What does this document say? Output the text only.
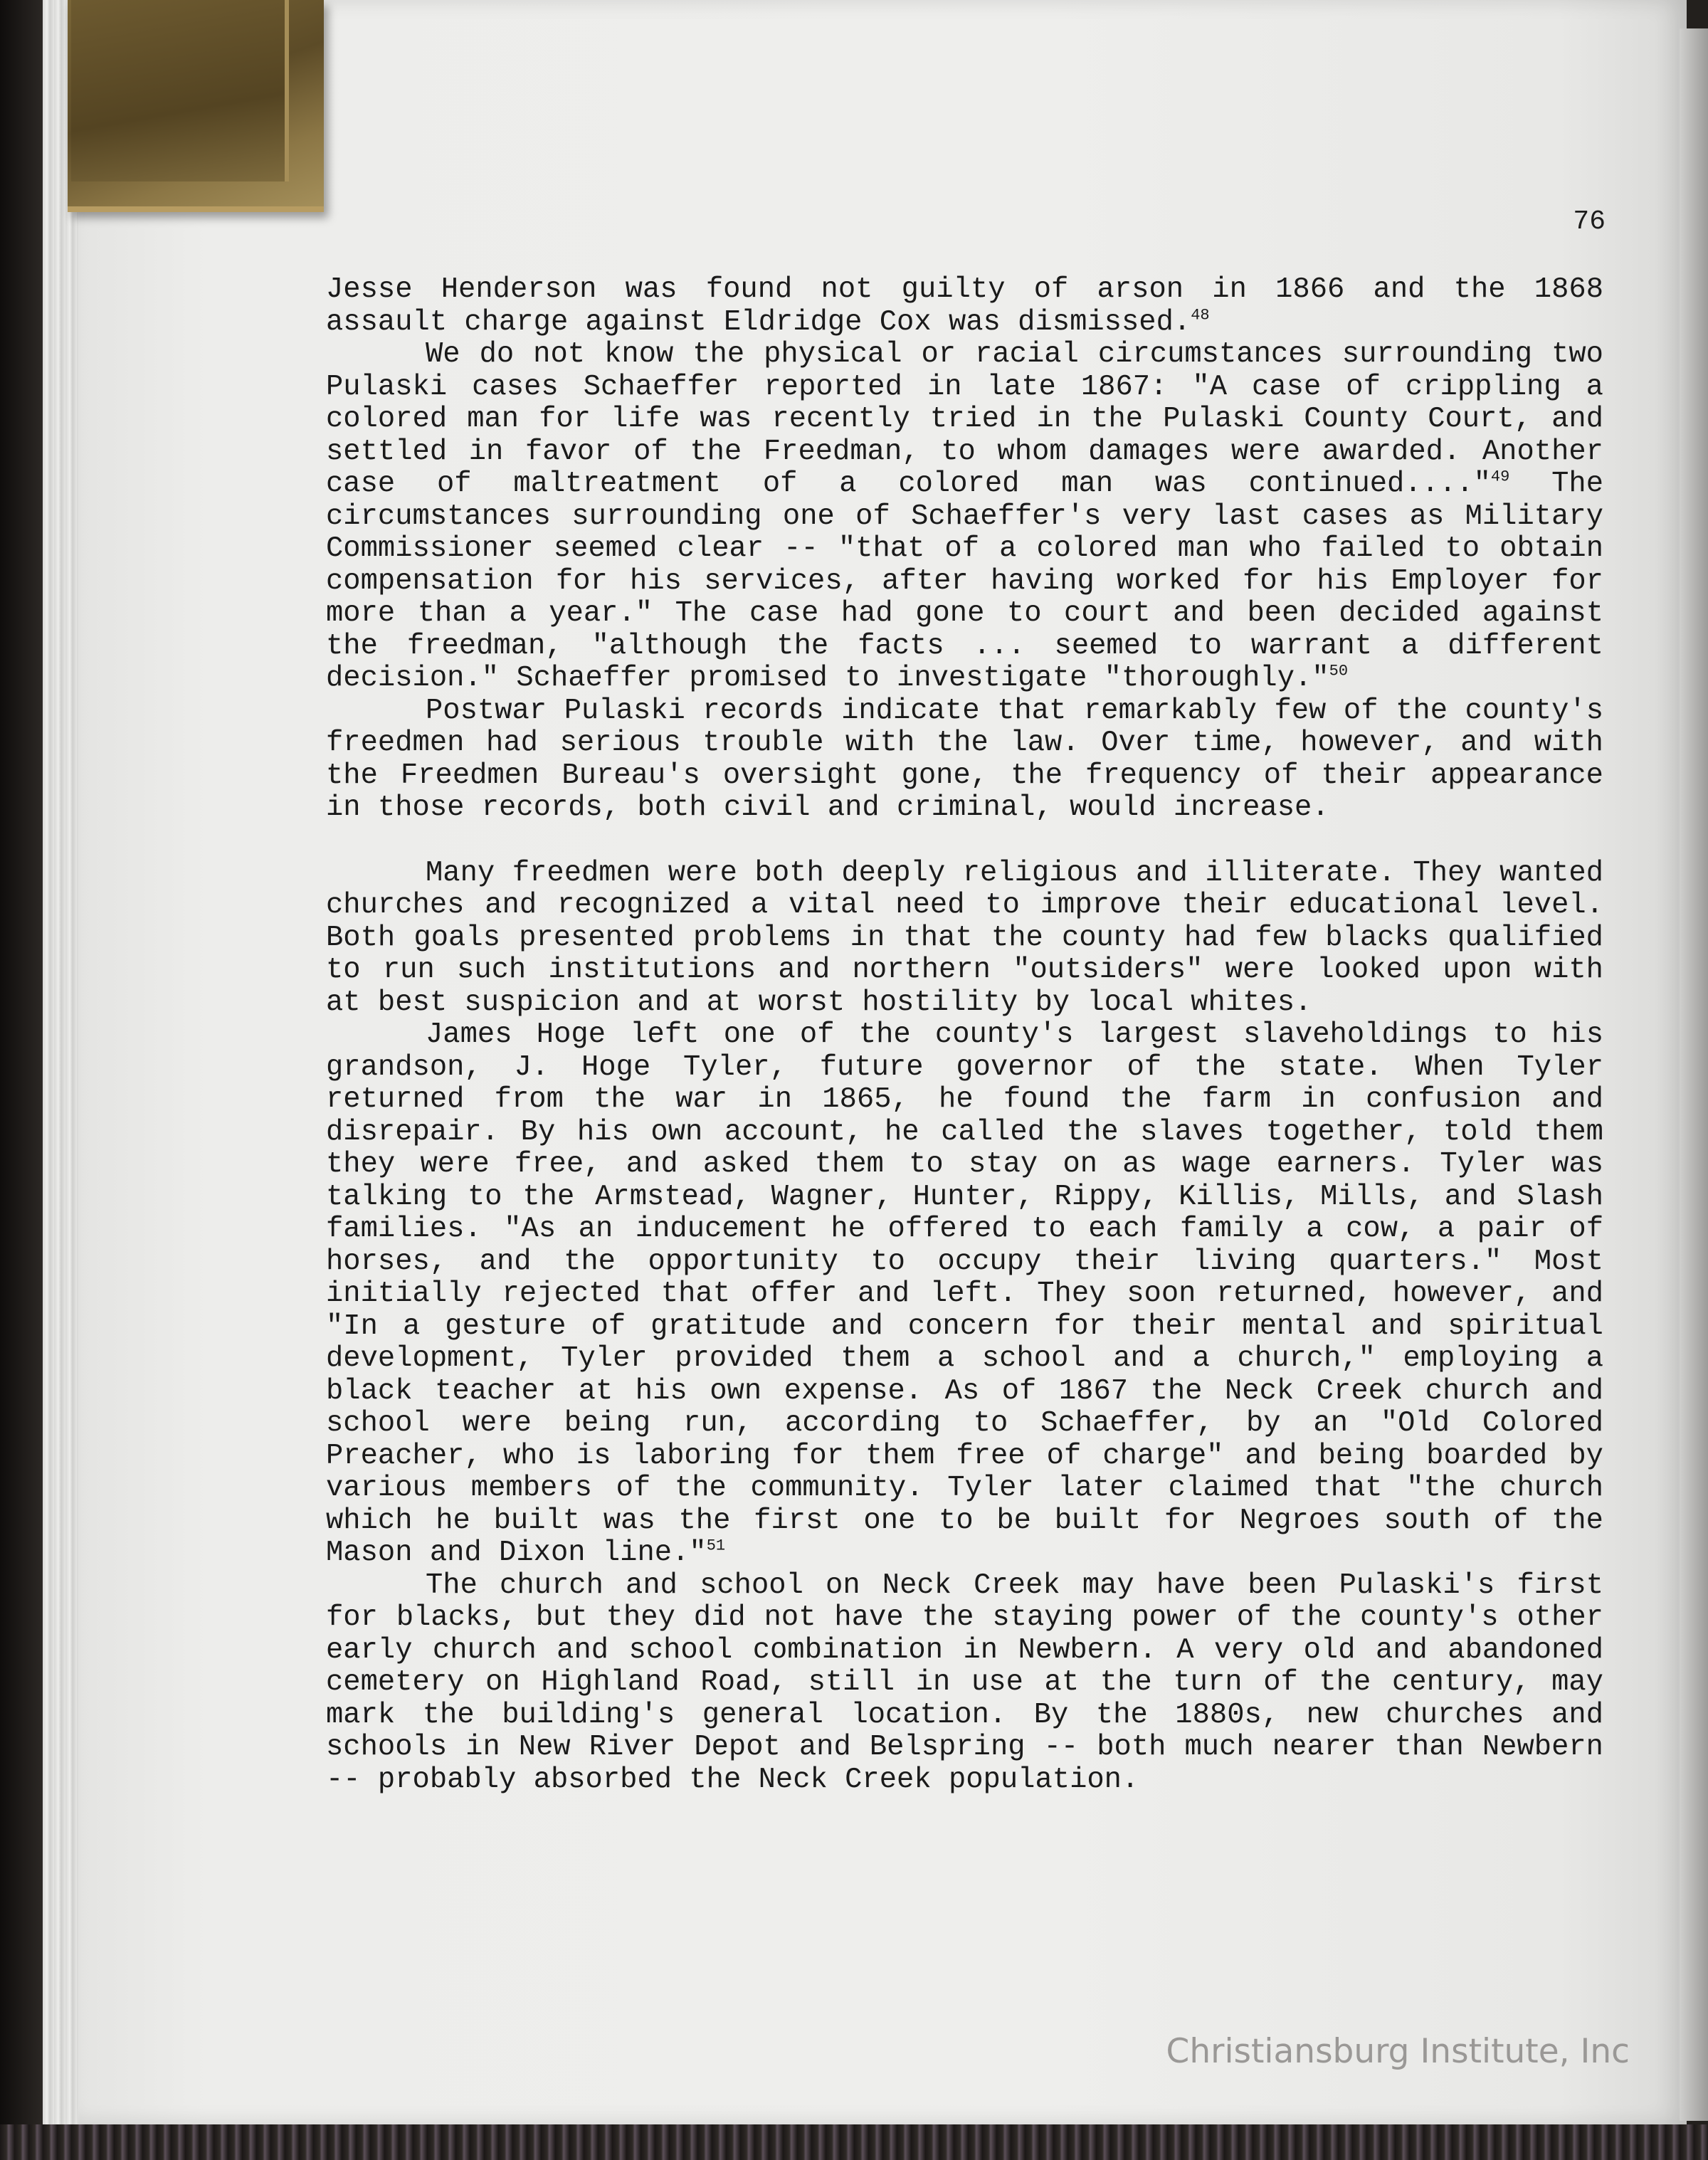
76

Jesse Henderson was found not guilty of arson in 1866 and the 1868 assault charge against Eldridge Cox was dismissed.$^{48}$

We do not know the physical or racial circumstances surrounding two Pulaski cases Schaeffer reported in late 1867: "A case of crippling a colored man for life was recently tried in the Pulaski County Court, and settled in favor of the Freedman, to whom damages were awarded. Another case of maltreatment of a colored man was continued...."$^{49}$ The circumstances surrounding one of Schaeffer's very last cases as Military Commissioner seemed clear -- "that of a colored man who failed to obtain compensation for his services, after having worked for his Employer for more than a year." The case had gone to court and been decided against the freedman, "although the facts ... seemed to warrant a different decision." Schaeffer promised to investigate "thoroughly."$^{50}$

Postwar Pulaski records indicate that remarkably few of the county's freedmen had serious trouble with the law. Over time, however, and with the Freedmen Bureau's oversight gone, the frequency of their appearance in those records, both civil and criminal, would increase.

Many freedmen were both deeply religious and illiterate. They wanted churches and recognized a vital need to improve their educational level. Both goals presented problems in that the county had few blacks qualified to run such institutions and northern "outsiders" were looked upon with at best suspicion and at worst hostility by local whites.

James Hoge left one of the county's largest slaveholdings to his grandson, J. Hoge Tyler, future governor of the state. When Tyler returned from the war in 1865, he found the farm in confusion and disrepair. By his own account, he called the slaves together, told them they were free, and asked them to stay on as wage earners. Tyler was talking to the Armstead, Wagner, Hunter, Rippy, Killis, Mills, and Slash families. "As an inducement he offered to each family a cow, a pair of horses, and the opportunity to occupy their living quarters." Most initially rejected that offer and left. They soon returned, however, and "In a gesture of gratitude and concern for their mental and spiritual development, Tyler provided them a school and a church," employing a black teacher at his own expense. As of 1867 the Neck Creek church and school were being run, according to Schaeffer, by an "Old Colored Preacher, who is laboring for them free of charge" and being boarded by various members of the community. Tyler later claimed that "the church which he built was the first one to be built for Negroes south of the Mason and Dixon line."$^{51}$

The church and school on Neck Creek may have been Pulaski's first for blacks, but they did not have the staying power of the county's other early church and school combination in Newbern. A very old and abandoned cemetery on Highland Road, still in use at the turn of the century, may mark the building's general location. By the 1880s, new churches and schools in New River Depot and Belspring -- both much nearer than Newbern -- probably absorbed the Neck Creek population.

Christiansburg Institute, Inc
